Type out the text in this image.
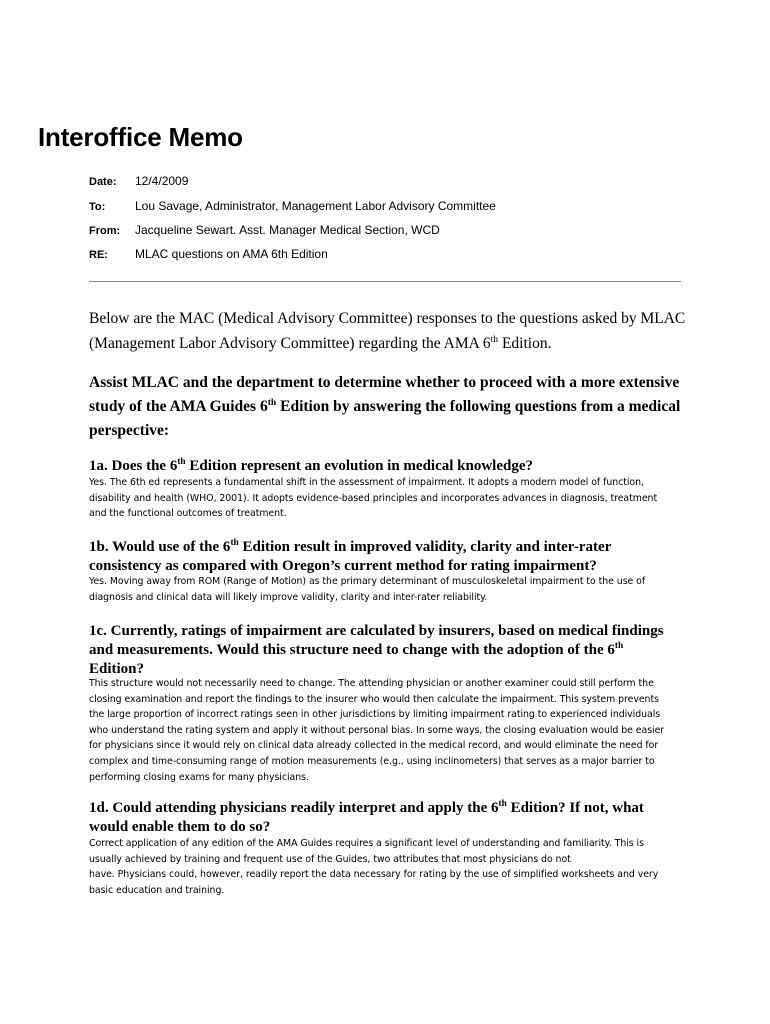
Interoffice Memo
Date: 12/4/2009
To: Lou Savage, Administrator, Management Labor Advisory Committee
From: Jacqueline Sewart. Asst. Manager Medical Section, WCD
RE: MLAC questions on AMA 6th Edition
Below are the MAC (Medical Advisory Committee) responses to the questions asked by MLAC
(Management Labor Advisory Committee) regarding the AMA 6th Edition.
Assist MLAC and the department to determine whether to proceed with a more extensive
study of the AMA Guides 6th Edition by answering the following questions from a medical
perspective:
1a. Does the 6th Edition represent an evolution in medical knowledge?
Yes. The 6th ed represents a fundamental shift in the assessment of impairment. It adopts a modern model of function,
disability and health (WHO, 2001). It adopts evidence-based principles and incorporates advances in diagnosis, treatment
and the functional outcomes of treatment.
1b. Would use of the 6th Edition result in improved validity, clarity and inter-rater
consistency as compared with Oregon’s current method for rating impairment?
Yes. Moving away from ROM (Range of Motion) as the primary determinant of musculoskeletal impairment to the use of
diagnosis and clinical data will likely improve validity, clarity and inter-rater reliability.
1c. Currently, ratings of impairment are calculated by insurers, based on medical findings
and measurements. Would this structure need to change with the adoption of the 6th
Edition?
This structure would not necessarily need to change. The attending physician or another examiner could still perform the
closing examination and report the findings to the insurer who would then calculate the impairment. This system prevents
the large proportion of incorrect ratings seen in other jurisdictions by limiting impairment rating to experienced individuals
who understand the rating system and apply it without personal bias. In some ways, the closing evaluation would be easier
for physicians since it would rely on clinical data already collected in the medical record, and would eliminate the need for
complex and time-consuming range of motion measurements (e.g., using inclinometers) that serves as a major barrier to
performing closing exams for many physicians.
1d. Could attending physicians readily interpret and apply the 6th Edition? If not, what
would enable them to do so?
Correct application of any edition of the AMA Guides requires a significant level of understanding and familiarity. This is
usually achieved by training and frequent use of the Guides, two attributes that most physicians do not
have. Physicians could, however, readily report the data necessary for rating by the use of simplified worksheets and very
basic education and training.
